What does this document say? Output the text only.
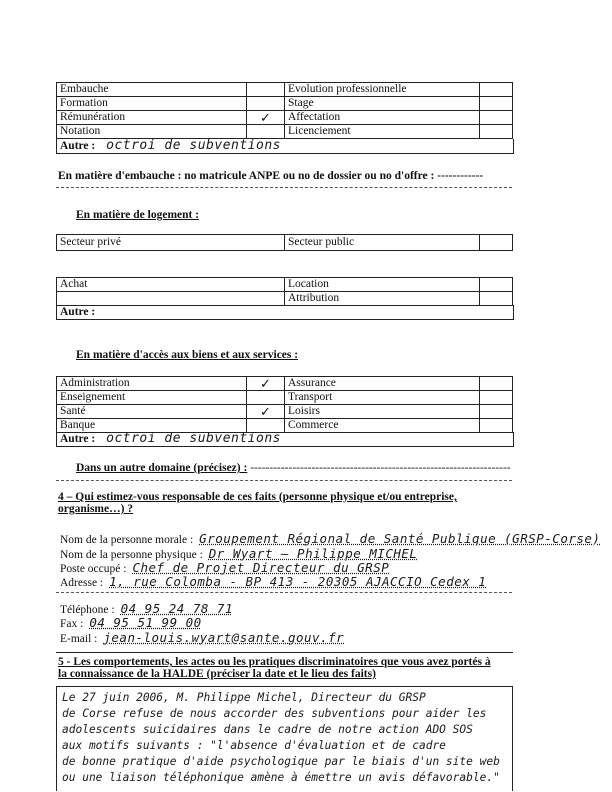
Embauche		Evolution professionnelle	
Formation		Stage	
Rémunération	✓	Affectation	
Notation		Licenciement	
Autre : octroi de subventions
En matière d'embauche : no matricule ANPE ou no de dossier ou no d'offre : ------------
En matière de logement :
Secteur privé	Secteur public	
Achat	Location	
	Attribution	
Autre :
En matière d'accès aux biens et aux services :
Administration	✓	Assurance	
Enseignement		Transport	
Santé	✓	Loisirs	
Banque		Commerce	
Autre : octroi de subventions
Dans un autre domaine (précisez) : --------------------------------------------------------------------
4 – Qui estimez-vous responsable de ces faits (personne physique et/ou entreprise,
organisme…) ?
Nom de la personne morale : Groupement Régional de Santé Publique (GRSP-Corse)
Nom de la personne physique : Dr Wyart – Philippe MICHEL
Poste occupé : Chef de Projet Directeur du GRSP
Adresse : 1, rue Colomba - BP 413 - 20305 AJACCIO Cedex 1
Téléphone : 04 95 24 78 71
Fax : 04 95 51 99 00
E-mail : jean-louis.wyart@sante.gouv.fr
5 - Les comportements, les actes ou les pratiques discriminatoires que vous avez portés à
la connaissance de la HALDE (préciser la date et le lieu des faits)
Le 27 juin 2006, M. Philippe Michel, Directeur du GRSP
de Corse refuse de nous accorder des subventions pour aider les
adolescents suicidaires dans le cadre de notre action ADO SOS
aux motifs suivants : "l'absence d'évaluation et de cadre
de bonne pratique d'aide psychologique par le biais d'un site web
ou une liaison téléphonique amène à émettre un avis défavorable."
